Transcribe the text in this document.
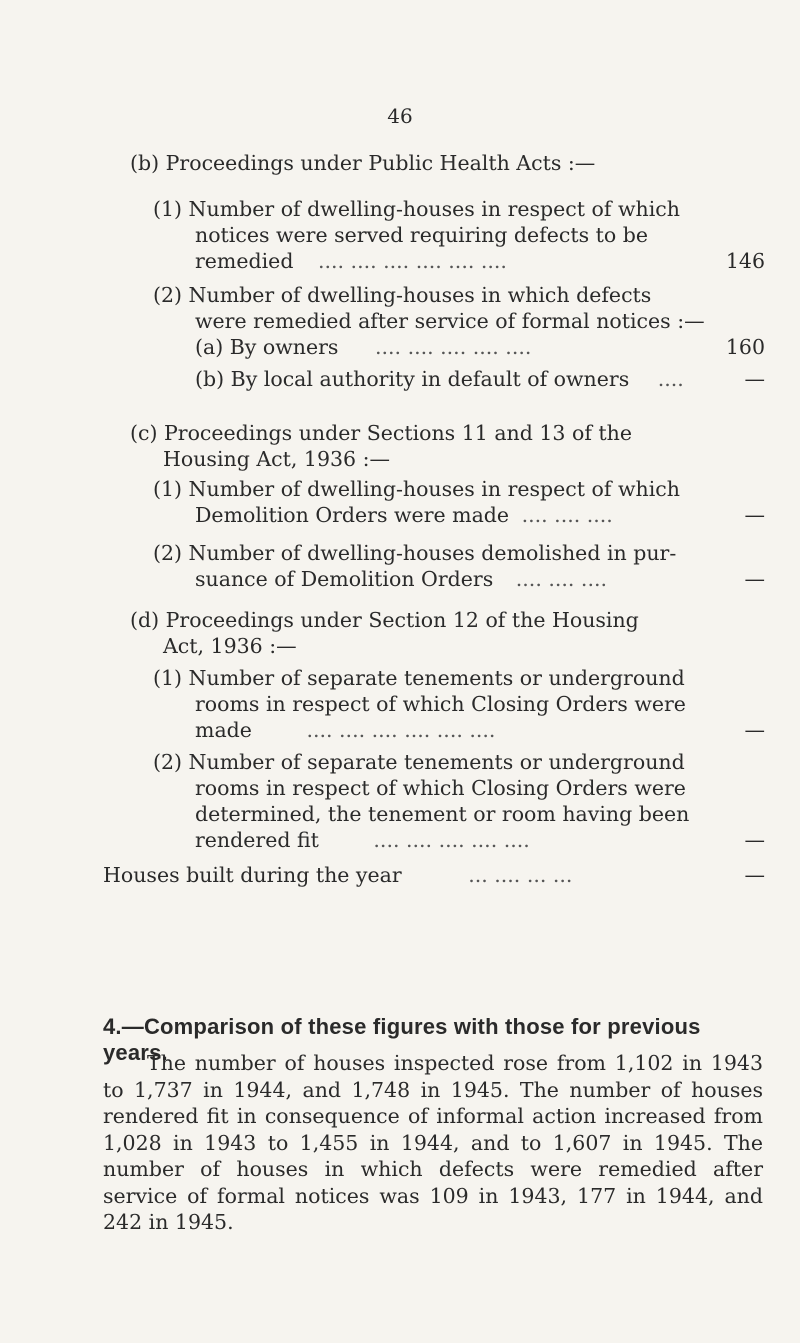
46
(b) Proceedings under Public Health Acts :—
(1) Number of dwelling-houses in respect of which
notices were served requiring defects to be
remedied .... .... .... .... .... ....	146
(2) Number of dwelling-houses in which defects
were remedied after service of formal notices :—
(a) By owners .... .... .... .... ....	160
(b) By local authority in default of owners ....	—
(c) Proceedings under Sections 11 and 13 of the
Housing Act, 1936 :—
(1) Number of dwelling-houses in respect of which
Demolition Orders were made .... .... ....	—
(2) Number of dwelling-houses demolished in pur-
suance of Demolition Orders .... .... ....	—
(d) Proceedings under Section 12 of the Housing
Act, 1936 :—
(1) Number of separate tenements or underground
rooms in respect of which Closing Orders were
made	.... .... .... .... .... ....	—
(2) Number of separate tenements or underground
rooms in respect of which Closing Orders were
determined, the tenement or room having been
rendered fit	.... .... .... .... ....	—
Houses built during the year	... .... ... ...	—
4.—Comparison of these figures with those for previous years.
The number of houses inspected rose from 1,102 in 1943 to 1,737 in 1944, and 1,748 in 1945. The number of houses rendered fit in consequence of informal action increased from 1,028 in 1943 to 1,455 in 1944, and to 1,607 in 1945. The number of houses in which defects were remedied after service of formal notices was 109 in 1943, 177 in 1944, and 242 in 1945.
